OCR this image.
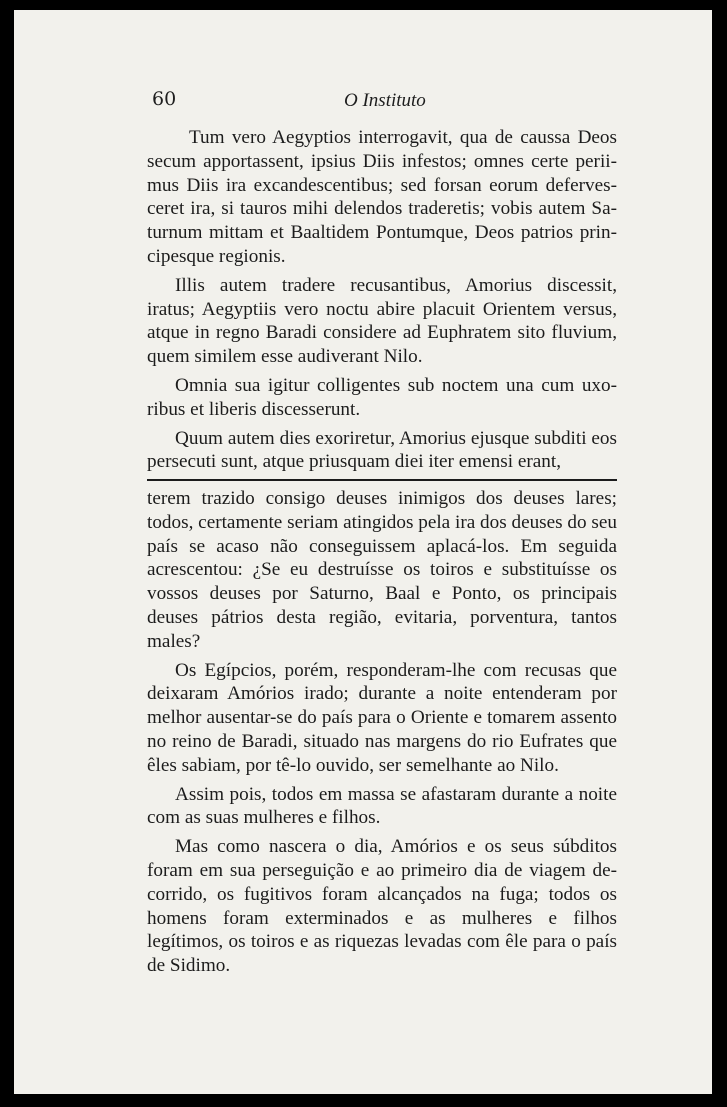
60	O Instituto

Tum vero Aegyptios interrogavit, qua de caussa Deos secum apportassent, ipsius Diis infestos; omnes certe periimus Diis ira excandescentibus; sed forsan eorum defervesceret ira, si tauros mihi delendos traderetis; vobis autem Saturnum mittam et Baaltidem Pontumque, Deos patrios principesque regionis.

Illis autem tradere recusantibus, Amorius discessit, iratus; Aegyptiis vero noctu abire placuit Orientem versus, atque in regno Baradi considere ad Euphratem sito fluvium, quem similem esse audiverant Nilo.

Omnia sua igitur colligentes sub noctem una cum uxoribus et liberis discesserunt.

Quum autem dies exoriretur, Amorius ejusque subditi eos persecuti sunt, atque priusquam diei iter emensi erant,

terem trazido consigo deuses inimigos dos deuses lares; todos, certamente seriam atingidos pela ira dos deuses do seu país se acaso não conseguissem aplacá-los. Em seguida acrescentou: ¿Se eu destruísse os toiros e substituísse os vossos deuses por Saturno, Baal e Ponto, os principais deuses pátrios desta região, evitaria, porventura, tantos males?

Os Egípcios, porém, responderam-lhe com recusas que deixaram Amórios irado; durante a noite entenderam por melhor ausentar-se do país para o Oriente e tomarem assento no reino de Baradi, situado nas margens do rio Eufrates que êles sabiam, por tê-lo ouvido, ser semelhante ao Nilo.

Assim pois, todos em massa se afastaram durante a noite com as suas mulheres e filhos.

Mas como nascera o dia, Amórios e os seus súbditos foram em sua perseguição e ao primeiro dia de viagem decorrido, os fugitivos foram alcançados na fuga; todos os homens foram exterminados e as mulheres e filhos legítimos, os toiros e as riquezas levadas com êle para o país de Sidimo.
